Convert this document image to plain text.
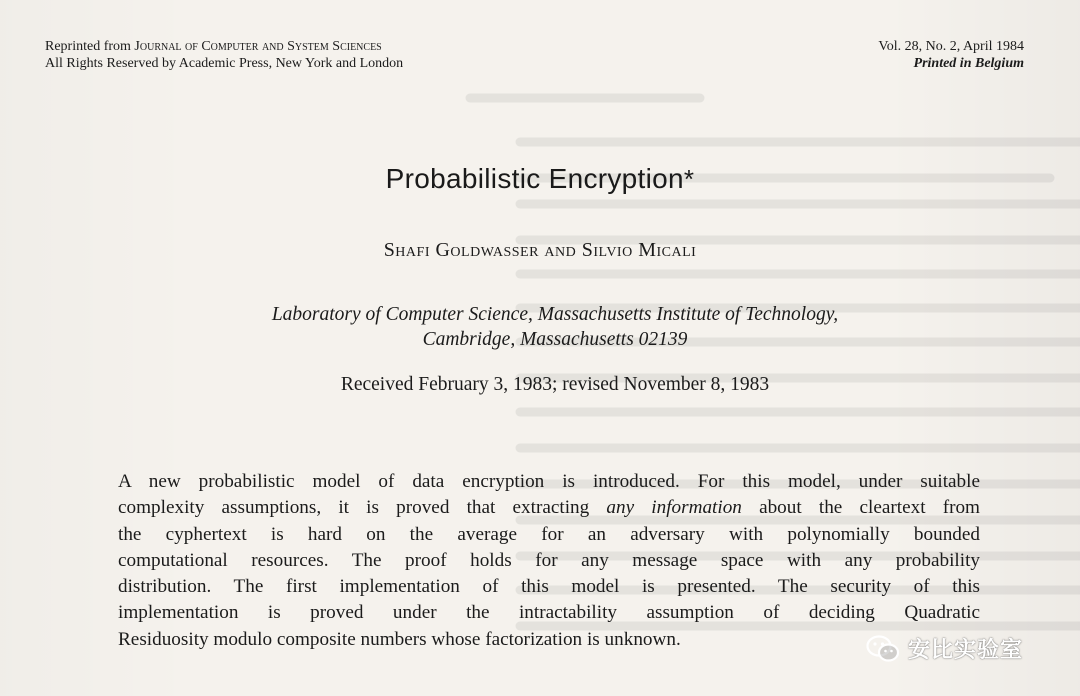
Reprinted from Journal of Computer and System Sciences
All Rights Reserved by Academic Press, New York and London
Vol. 28, No. 2, April 1984
Printed in Belgium
Probabilistic Encryption*
Shafi Goldwasser and Silvio Micali
Laboratory of Computer Science, Massachusetts Institute of Technology,
Cambridge, Massachusetts 02139
Received February 3, 1983; revised November 8, 1983
A new probabilistic model of data encryption is introduced. For this model, under suitable
complexity assumptions, it is proved that extracting any information about the cleartext from
the cyphertext is hard on the average for an adversary with polynomially bounded
computational resources. The proof holds for any message space with any probability
distribution. The first implementation of this model is presented. The security of this
implementation is proved under the intractability assumption of deciding Quadratic
Residuosity modulo composite numbers whose factorization is unknown.	安比实验室
